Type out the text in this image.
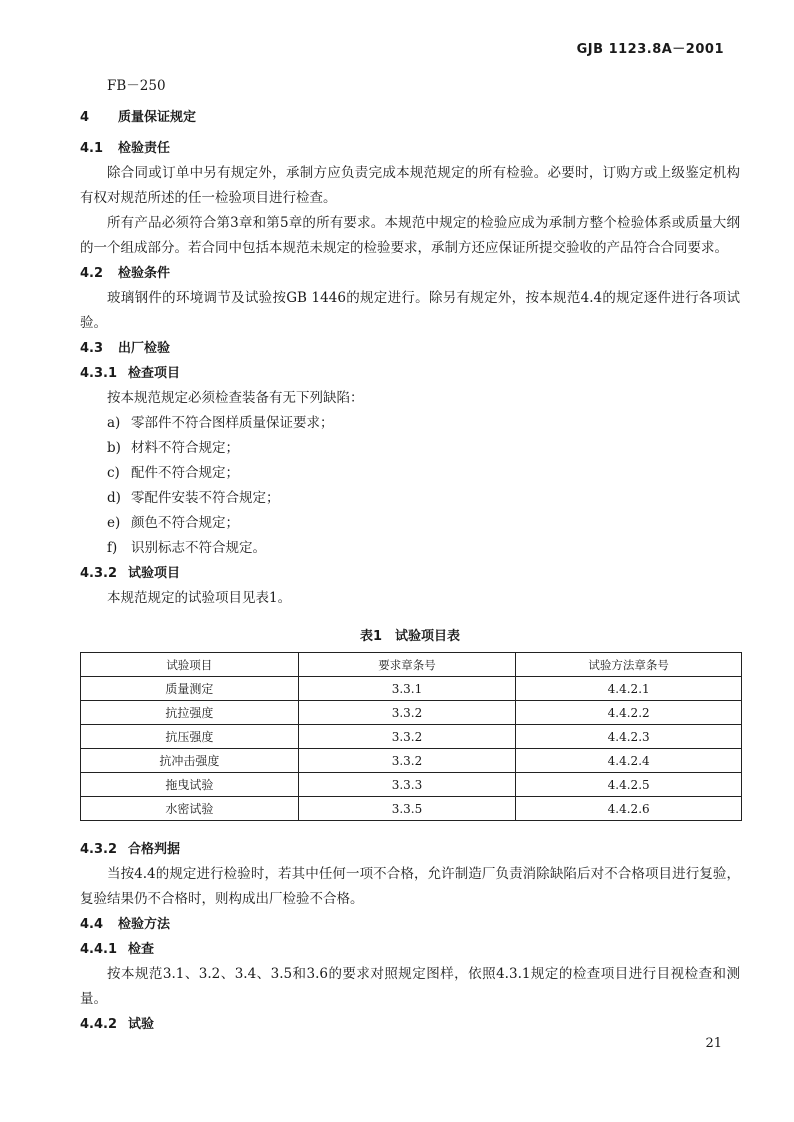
GJB 1123.8A－2001
FB－250
4 质量保证规定
4.1 检验责任
除合同或订单中另有规定外，承制方应负责完成本规范规定的所有检验。必要时，订购方或上级鉴定机构有权对规范所述的任一检验项目进行检查。
所有产品必须符合第3章和第5章的所有要求。本规范中规定的检验应成为承制方整个检验体系或质量大纲的一个组成部分。若合同中包括本规范未规定的检验要求，承制方还应保证所提交验收的产品符合合同要求。
4.2 检验条件
玻璃钢件的环境调节及试验按GB 1446的规定进行。除另有规定外，按本规范4.4的规定逐件进行各项试验。
4.3 出厂检验
4.3.1 检查项目
按本规范规定必须检查装备有无下列缺陷：
a) 零部件不符合图样质量保证要求；
b) 材料不符合规定；
c) 配件不符合规定；
d) 零配件安装不符合规定；
e) 颜色不符合规定；
f) 识别标志不符合规定。
4.3.2 试验项目
本规范规定的试验项目见表1。
表1　试验项目表
试验项目	要求章条号	试验方法章条号
质量测定	3.3.1	4.4.2.1
抗拉强度	3.3.2	4.4.2.2
抗压强度	3.3.2	4.4.2.3
抗冲击强度	3.3.2	4.4.2.4
拖曳试验	3.3.3	4.4.2.5
水密试验	3.3.5	4.4.2.6
4.3.2 合格判据
当按4.4的规定进行检验时，若其中任何一项不合格，允许制造厂负责消除缺陷后对不合格项目进行复验，复验结果仍不合格时，则构成出厂检验不合格。
4.4 检验方法
4.4.1 检查
按本规范3.1、3.2、3.4、3.5和3.6的要求对照规定图样，依照4.3.1规定的检查项目进行目视检查和测量。
4.4.2 试验
21
